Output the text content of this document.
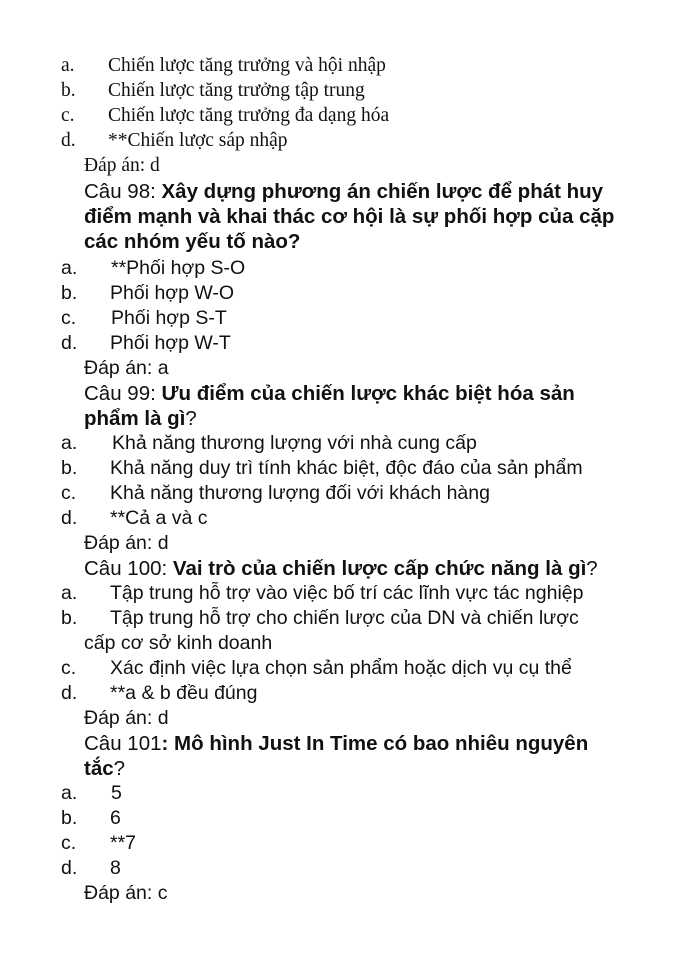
a. Chiến lược tăng trưởng và hội nhập
b. Chiến lược tăng trưởng tập trung
c. Chiến lược tăng trưởng đa dạng hóa
d. **Chiến lược sáp nhập
Đáp án: d
Câu 98: Xây dựng phương án chiến lược để phát huy
điểm mạnh và khai thác cơ hội là sự phối hợp của cặp
các nhóm yếu tố nào?
a. **Phối hợp S-O
b. Phối hợp W-O
c. Phối hợp S-T
d. Phối hợp W-T
Đáp án: a
Câu 99: Ưu điểm của chiến lược khác biệt hóa sản
phẩm là gì?
a. Khả năng thương lượng với nhà cung cấp
b. Khả năng duy trì tính khác biệt, độc đáo của sản phẩm
c. Khả năng thương lượng đối với khách hàng
d. **Cả a và c
Đáp án: d
Câu 100: Vai trò của chiến lược cấp chức năng là gì?
a. Tập trung hỗ trợ vào việc bố trí các lĩnh vực tác nghiệp
b. Tập trung hỗ trợ cho chiến lược của DN và chiến lược
cấp cơ sở kinh doanh
c. Xác định việc lựa chọn sản phẩm hoặc dịch vụ cụ thể
d. **a & b đều đúng
Đáp án: d
Câu 101: Mô hình Just In Time có bao nhiêu nguyên
tắc?
a. 5
b. 6
c. **7
d. 8
Đáp án: c
